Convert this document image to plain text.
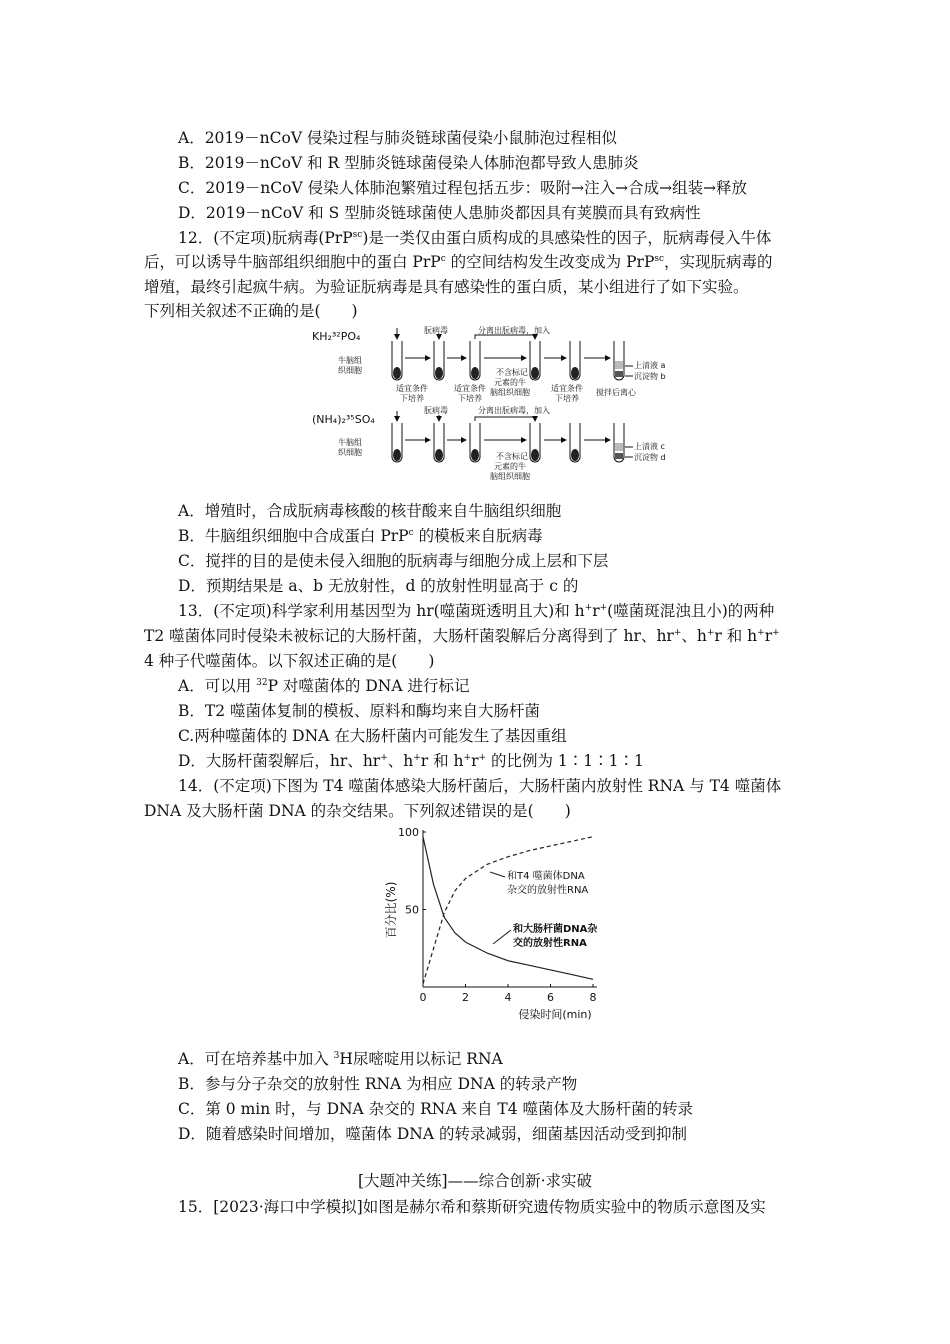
A．2019－nCoV 侵染过程与肺炎链球菌侵染小鼠肺泡过程相似
B．2019－nCoV 和 R 型肺炎链球菌侵染人体肺泡都导致人患肺炎
C．2019－nCoV 侵染人体肺泡繁殖过程包括五步：吸附→注入→合成→组装→释放
D．2019－nCoV 和 S 型肺炎链球菌使人患肺炎都因具有荚膜而具有致病性
12．(不定项)朊病毒(PrP$^{sc}$)是一类仅由蛋白质构成的具感染性的因子，朊病毒侵入牛体
后，可以诱导牛脑部组织细胞中的蛋白 PrP$^c$ 的空间结构发生改变成为 PrP$^{sc}$，实现朊病毒的
增殖，最终引起疯牛病。为验证朊病毒是具有感染性的蛋白质，某小组进行了如下实验。
下列相关叙述不正确的是(　　)
KH₂³²PO₄
牛脑组
织细胞
(NH₄)₂³⁵SO₄
牛脑组
织细胞
朊病毒	分离出朊病毒，加入
适宜条件
下培养
适宜条件
下培养
不含标记
元素的牛
脑组织细胞	适宜条件
下培养
搅拌后离心
朊病毒	分离出朊病毒，加入
不含标记
元素的牛
脑组织细胞
上清液 a
沉淀物 b
上清液 c
沉淀物 d
A．增殖时，合成朊病毒核酸的核苷酸来自牛脑组织细胞
B．牛脑组织细胞中合成蛋白 PrP$^c$ 的模板来自朊病毒
C．搅拌的目的是使未侵入细胞的朊病毒与细胞分成上层和下层
D．预期结果是 a、b 无放射性，d 的放射性明显高于 c 的
13．(不定项)科学家利用基因型为 hr(噬菌斑透明且大)和 h+r+(噬菌斑混浊且小)的两种
T2 噬菌体同时侵染未被标记的大肠杆菌，大肠杆菌裂解后分离得到了 hr、hr+、h+r 和 h+r+
4 种子代噬菌体。以下叙述正确的是(　　)
A．可以用 $^{32}$P 对噬菌体的 DNA 进行标记
B．T2 噬菌体复制的模板、原料和酶均来自大肠杆菌
C.两种噬菌体的 DNA 在大肠杆菌内可能发生了基因重组
D．大肠杆菌裂解后，hr、hr+、h+r 和 h+r+ 的比例为 1∶1∶1∶1
14．(不定项)下图为 T4 噬菌体感染大肠杆菌后，大肠杆菌内放射性 RNA 与 T4 噬菌体
DNA 及大肠杆菌 DNA 的杂交结果。下列叙述错误的是(　　)
0	2	4	6	8
50
100
百分比(%)
侵染时间(min)
和T4 噬菌体DNA
杂交的放射性RNA
和大肠杆菌DNA杂
交的放射性RNA
A．可在培养基中加入 $^3$H尿嘧啶用以标记 RNA
B．参与分子杂交的放射性 RNA 为相应 DNA 的转录产物
C．第 0 min 时，与 DNA 杂交的 RNA 来自 T4 噬菌体及大肠杆菌的转录
D．随着感染时间增加，噬菌体 DNA 的转录减弱，细菌基因活动受到抑制
[大题冲关练]——综合创新·求实破
15．[2023·海口中学模拟]如图是赫尔希和蔡斯研究遗传物质实验中的物质示意图及实
